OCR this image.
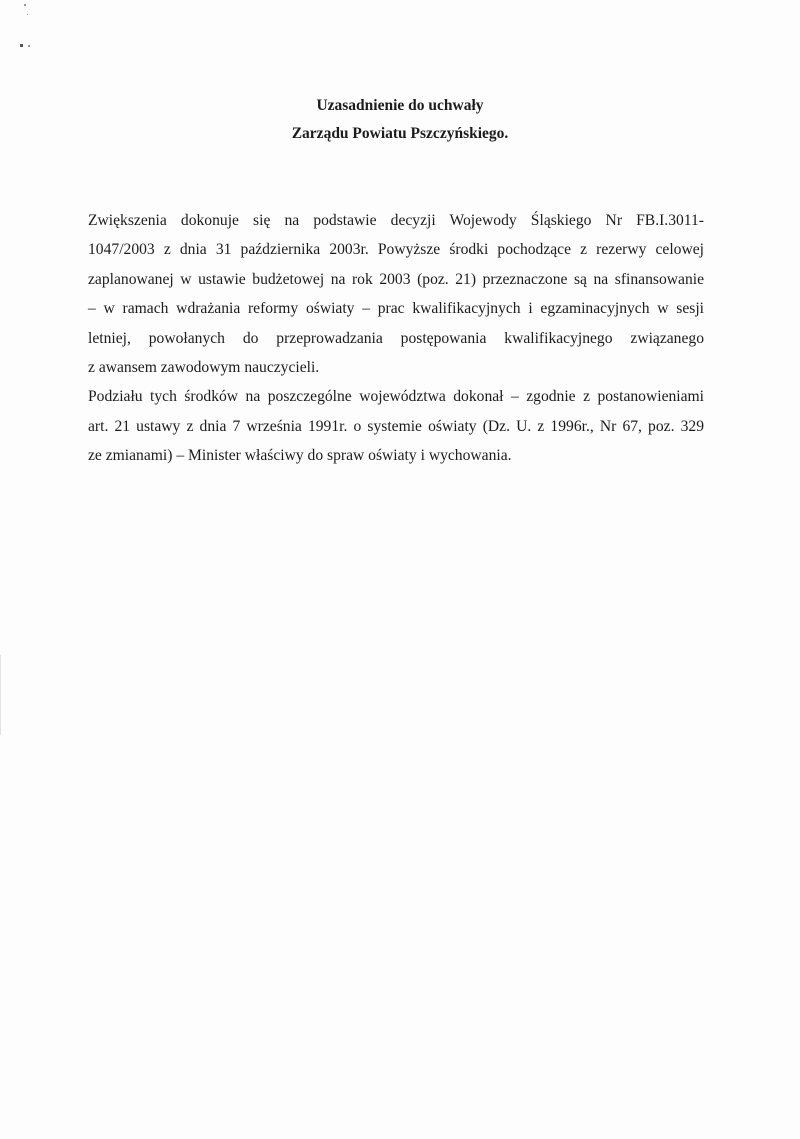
Uzasadnienie do uchwały
Zarządu Powiatu Pszczyńskiego.
Zwiększenia dokonuje się na podstawie decyzji Wojewody Śląskiego Nr FB.I.3011-
1047/2003 z dnia 31 października 2003r. Powyższe środki pochodzące z rezerwy celowej
zaplanowanej w ustawie budżetowej na rok 2003 (poz. 21) przeznaczone są na sfinansowanie
– w ramach wdrażania reformy oświaty – prac kwalifikacyjnych i egzaminacyjnych w sesji
letniej, powołanych do przeprowadzania postępowania kwalifikacyjnego związanego
z awansem zawodowym nauczycieli.
Podziału tych środków na poszczególne województwa dokonał – zgodnie z postanowieniami
art. 21 ustawy z dnia 7 września 1991r. o systemie oświaty (Dz. U. z 1996r., Nr 67, poz. 329
ze zmianami) – Minister właściwy do spraw oświaty i wychowania.
